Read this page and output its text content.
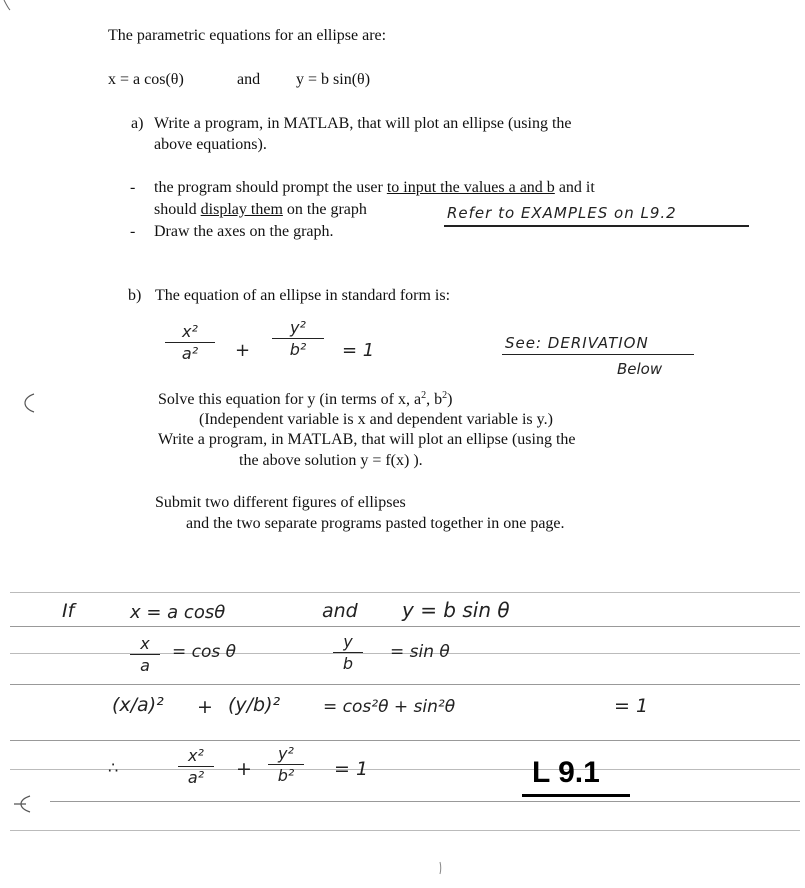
The parametric equations for an ellipse are:
x = a cos(θ)	and y = b sin(θ)
a) Write a program, in MATLAB, that will plot an ellipse (using the
above equations).
- the program should prompt the user to input the values a and b and it
should display them on the graph
- Draw the axes on the graph.
Refer to EXAMPLES on L9.2
b) The equation of an ellipse in standard form is:
x²
a²	+
y²
b²	= 1	See: DERIVATION
Below
Solve this equation for y (in terms of x, $a^2$, $b^2$)
(Independent variable is x and dependent variable is y.)
Write a program, in MATLAB, that will plot an ellipse (using the
the above solution y = f(x) ).
Submit two different figures of ellipses
and the two separate programs pasted together in one page.
If	x = a cosθ	and y = b sin θ
x
a
= cos θ
y
b
= sin θ
(x/a)² + (y/b)²	= cos²θ + sin²θ	= 1
∴
x²
a²	+
y²
b²	= 1	L 9.1
